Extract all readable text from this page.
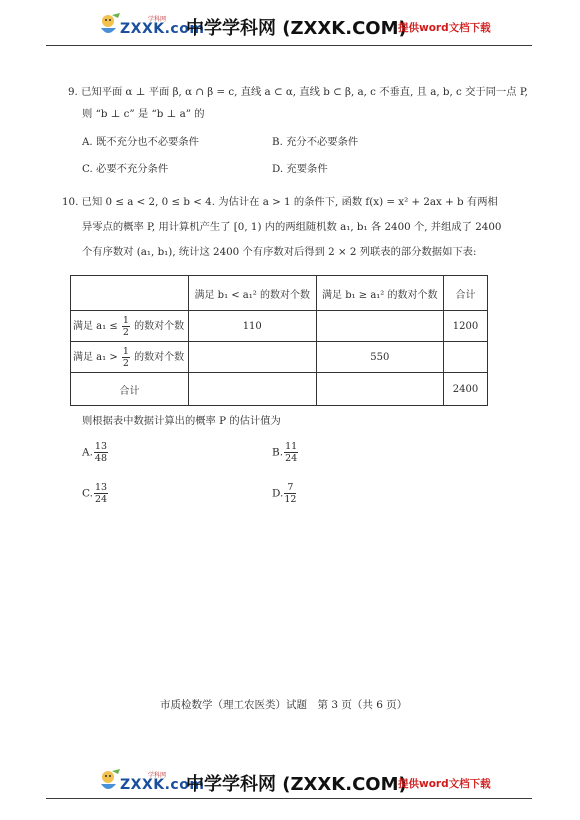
学科网
ZXXK.com
中学学科网 (ZXXK.COM)
提供word文档下载
9. 已知平面 α ⊥ 平面 β, α ∩ β = c, 直线 a ⊂ α, 直线 b ⊂ β, a, c 不垂直, 且 a, b, c 交于同一点 P,
则 “b ⊥ c” 是 “b ⊥ a” 的
A. 既不充分也不必要条件	B. 充分不必要条件
C. 必要不充分条件	D. 充要条件
10. 已知 0 ≤ a < 2, 0 ≤ b < 4. 为估计在 a > 1 的条件下, 函数 f(x) = x² + 2ax + b 有两相
异零点的概率 P, 用计算机产生了 [0, 1) 内的两组随机数 a₁, b₁ 各 2400 个, 并组成了 2400
个有序数对 (a₁, b₁), 统计这 2400 个有序数对后得到 2 × 2 列联表的部分数据如下表:
	满足 b₁ < a₁² 的数对个数	满足 b₁ ≥ a₁² 的数对个数	合计
满足 $a_1 \le \frac{1}{2}$ 的数对个数	110		1200
满足 $a_1 > \frac{1}{2}$ 的数对个数		550	
合计			2400
则根据表中数据计算出的概率 P 的估计值为
A. $\frac{13}{48}$	B. $\frac{11}{24}$
C. $\frac{13}{24}$	D. $\frac{7}{12}$
市质检数学（理工农医类）试题　第 3 页（共 6 页）
学科网
ZXXK.com
中学学科网 (ZXXK.COM)
提供word文档下载
